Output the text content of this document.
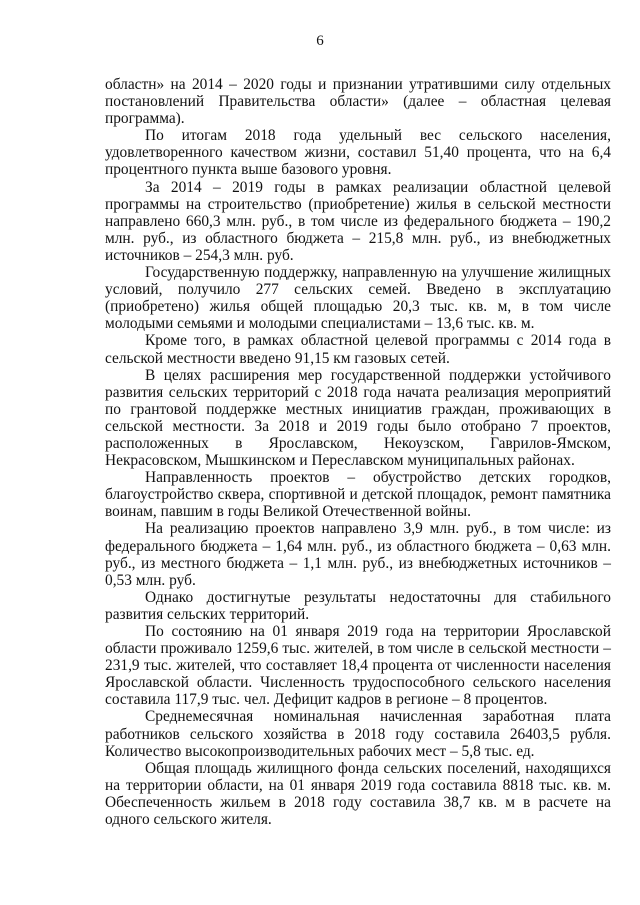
6

областн» на 2014 – 2020 годы и признании утратившими силу отдельных постановлений Правительства области» (далее – областная целевая программа).

По итогам 2018 года удельный вес сельского населения, удовлетворенного качеством жизни, составил 51,40 процента, что на 6,4 процентного пункта выше базового уровня.

За 2014 – 2019 годы в рамках реализации областной целевой программы на строительство (приобретение) жилья в сельской местности направлено 660,3 млн. руб., в том числе из федерального бюджета – 190,2 млн. руб., из областного бюджета – 215,8 млн. руб., из внебюджетных источников – 254,3 млн. руб.

Государственную поддержку, направленную на улучшение жилищных условий, получило 277 сельских семей. Введено в эксплуатацию (приобретено) жилья общей площадью 20,3 тыс. кв. м, в том числе молодыми семьями и молодыми специалистами – 13,6 тыс. кв. м.

Кроме того, в рамках областной целевой программы с 2014 года в сельской местности введено 91,15 км газовых сетей.

В целях расширения мер государственной поддержки устойчивого развития сельских территорий с 2018 года начата реализация мероприятий по грантовой поддержке местных инициатив граждан, проживающих в сельской местности. За 2018 и 2019 годы было отобрано 7 проектов, расположенных в Ярославском, Некоузском, Гаврилов-Ямском, Некрасовском, Мышкинском и Переславском муниципальных районах.

Направленность проектов – обустройство детских городков, благоустройство сквера, спортивной и детской площадок, ремонт памятника воинам, павшим в годы Великой Отечественной войны.

На реализацию проектов направлено 3,9 млн. руб., в том числе: из федерального бюджета – 1,64 млн. руб., из областного бюджета – 0,63 млн. руб., из местного бюджета – 1,1 млн. руб., из внебюджетных источников – 0,53 млн. руб.

Однако достигнутые результаты недостаточны для стабильного развития сельских территорий.

По состоянию на 01 января 2019 года на территории Ярославской области проживало 1259,6 тыс. жителей, в том числе в сельской местности – 231,9 тыс. жителей, что составляет 18,4 процента от численности населения Ярославской области. Численность трудоспособного сельского населения составила 117,9 тыс. чел. Дефицит кадров в регионе – 8 процентов.

Среднемесячная номинальная начисленная заработная плата работников сельского хозяйства в 2018 году составила 26403,5 рубля. Количество высокопроизводительных рабочих мест – 5,8 тыс. ед.

Общая площадь жилищного фонда сельских поселений, находящихся на территории области, на 01 января 2019 года составила 8818 тыс. кв. м. Обеспеченность жильем в 2018 году составила 38,7 кв. м в расчете на одного сельского жителя.
